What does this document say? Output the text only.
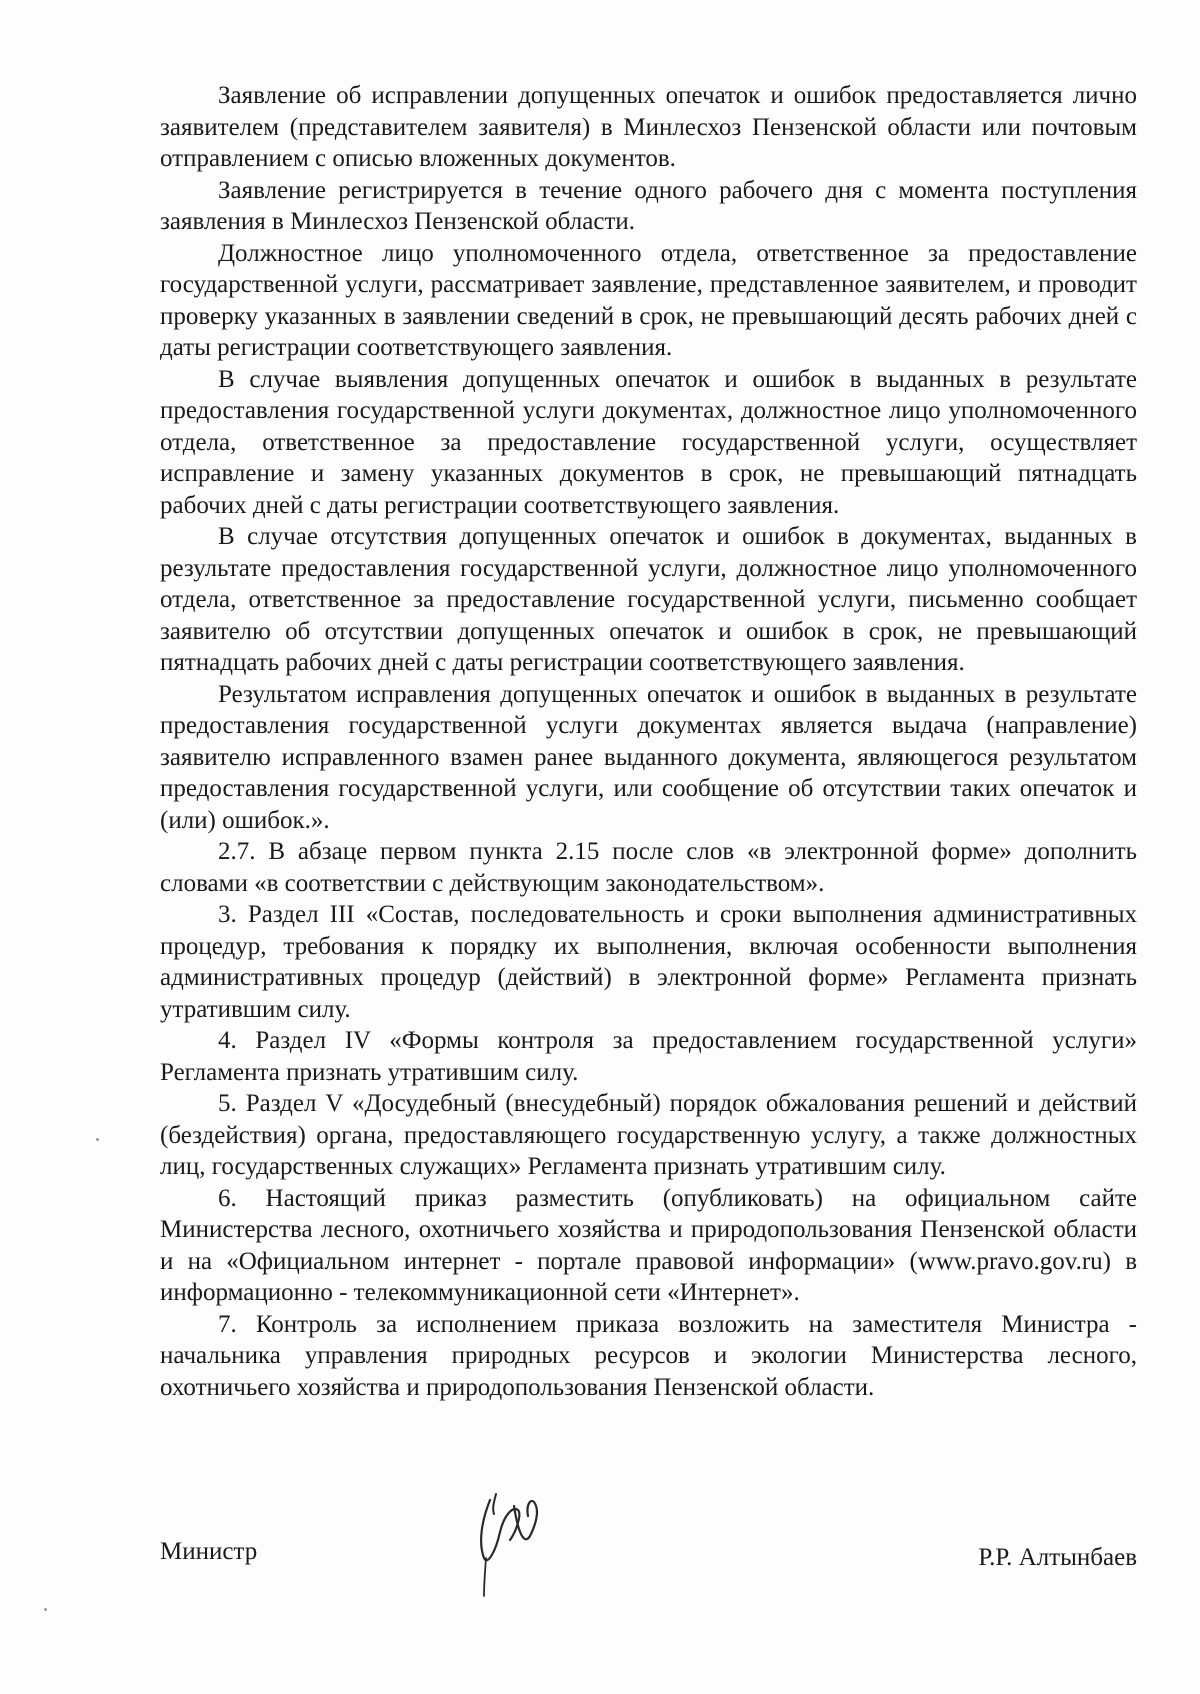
Заявление об исправлении допущенных опечаток и ошибок предоставляется лично заявителем (представителем заявителя) в Минлесхоз Пензенской области или почтовым отправлением с описью вложенных документов.

Заявление регистрируется в течение одного рабочего дня с момента поступления заявления в Минлесхоз Пензенской области.

Должностное лицо уполномоченного отдела, ответственное за предоставление государственной услуги, рассматривает заявление, представленное заявителем, и проводит проверку указанных в заявлении сведений в срок, не превышающий десять рабочих дней с даты регистрации соответствующего заявления.

В случае выявления допущенных опечаток и ошибок в выданных в результате предоставления государственной услуги документах, должностное лицо уполномоченного отдела, ответственное за предоставление государственной услуги, осуществляет исправление и замену указанных документов в срок, не превышающий пятнадцать рабочих дней с даты регистрации соответствующего заявления.

В случае отсутствия допущенных опечаток и ошибок в документах, выданных в результате предоставления государственной услуги, должностное лицо уполномоченного отдела, ответственное за предоставление государственной услуги, письменно сообщает заявителю об отсутствии допущенных опечаток и ошибок в срок, не превышающий пятнадцать рабочих дней с даты регистрации соответствующего заявления.

Результатом исправления допущенных опечаток и ошибок в выданных в результате предоставления государственной услуги документах является выдача (направление) заявителю исправленного взамен ранее выданного документа, являющегося результатом предоставления государственной услуги, или сообщение об отсутствии таких опечаток и (или) ошибок.».

2.7. В абзаце первом пункта 2.15 после слов «в электронной форме» дополнить словами «в соответствии с действующим законодательством».

3. Раздел III «Состав, последовательность и сроки выполнения административных процедур, требования к порядку их выполнения, включая особенности выполнения административных процедур (действий) в электронной форме» Регламента признать утратившим силу.

4. Раздел IV «Формы контроля за предоставлением государственной услуги» Регламента признать утратившим силу.

5. Раздел V «Досудебный (внесудебный) порядок обжалования решений и действий (бездействия) органа, предоставляющего государственную услугу, а также должностных лиц, государственных служащих» Регламента признать утратившим силу.

6. Настоящий приказ разместить (опубликовать) на официальном сайте Министерства лесного, охотничьего хозяйства и природопользования Пензенской области и на «Официальном интернет - портале правовой информации» (www.pravo.gov.ru) в информационно - телекоммуникационной сети «Интернет».

7. Контроль за исполнением приказа возложить на заместителя Министра - начальника управления природных ресурсов и экологии Министерства лесного, охотничьего хозяйства и природопользования Пензенской области.

Министр	Р.Р. Алтынбаев
